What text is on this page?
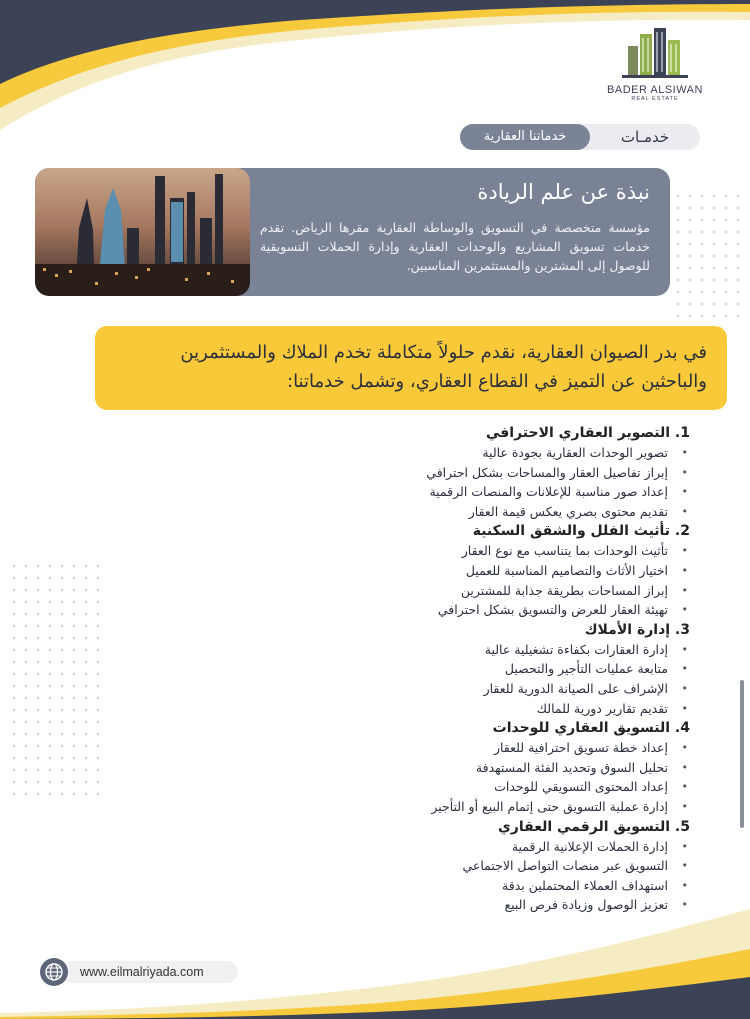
BADER ALSIWAN
REAL ESTATE
خدمـات
خدماتنا العقارية
نبذة عن علم الريادة
مؤسسة متخصصة في التسويق والوساطة العقارية مقرها الرياض. تقدم خدمات تسويق المشاريع والوحدات العقارية وإدارة الحملات التسويقية للوصول إلى المشترين والمستثمرين المناسبين.
في بدر الصيوان العقارية، نقدم حلولاً متكاملة تخدم الملاك والمستثمرين والباحثين عن التميز في القطاع العقاري، وتشمل خدماتنا:
1. التصوير العقاري الاحترافي
• تصوير الوحدات العقارية بجودة عالية
• إبراز تفاصيل العقار والمساحات بشكل احترافي
• إعداد صور مناسبة للإعلانات والمنصات الرقمية
• تقديم محتوى بصري يعكس قيمة العقار
2. تأثيث الفلل والشقق السكنية
• تأثيث الوحدات بما يتناسب مع نوع العقار
• اختيار الأثاث والتصاميم المناسبة للعميل
• إبراز المساحات بطريقة جذابة للمشترين
• تهيئة العقار للعرض والتسويق بشكل احترافي
3. إدارة الأملاك
• إدارة العقارات بكفاءة تشغيلية عالية
• متابعة عمليات التأجير والتحصيل
• الإشراف على الصيانة الدورية للعقار
• تقديم تقارير دورية للمالك
4. التسويق العقاري للوحدات
• إعداد خطة تسويق احترافية للعقار
• تحليل السوق وتحديد الفئة المستهدفة
• إعداد المحتوى التسويقي للوحدات
• إدارة عملية التسويق حتى إتمام البيع أو التأجير
5. التسويق الرقمي العقاري
• إدارة الحملات الإعلانية الرقمية
• التسويق عبر منصات التواصل الاجتماعي
• استهداف العملاء المحتملين بدقة
• تعزيز الوصول وزيادة فرص البيع
www.eilmalriyada.com
